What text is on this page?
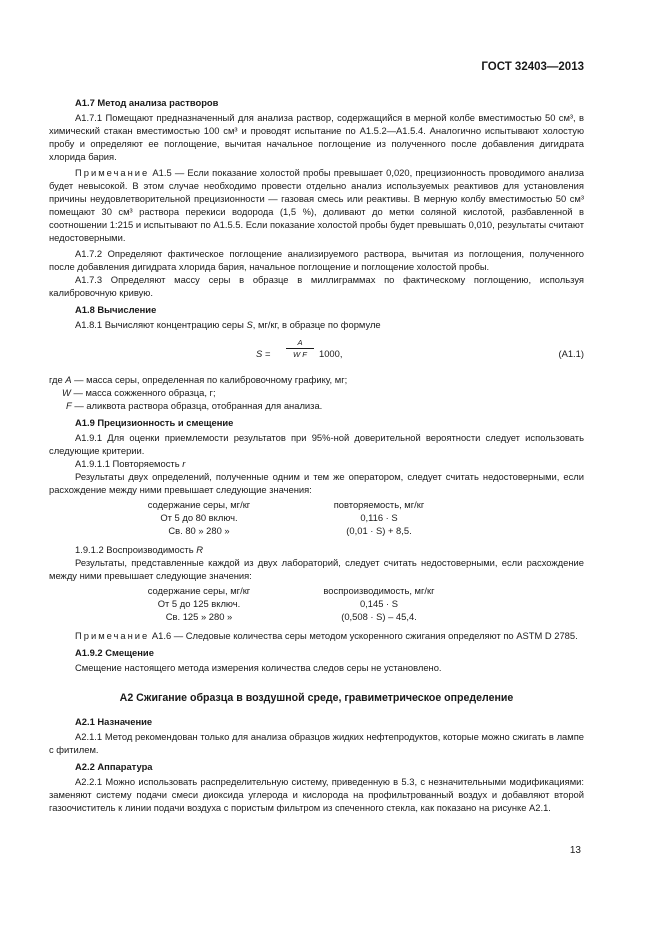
ГОСТ 32403—2013
А1.7 Метод анализа растворов

А1.7.1 Помещают предназначенный для анализа раствор, содержащийся в мерной колбе вместимостью 50 см³, в химический стакан вместимостью 100 см³ и проводят испытание по А1.5.2—А1.5.4. Аналогично испытывают холостую пробу и определяют ее поглощение, вычитая начальное поглощение из полученного после добавления дигидрата хлорида бария.

Примечание А1.5 — Если показание холостой пробы превышает 0,020, прецизионность проводимого анализа будет невысокой. В этом случае необходимо провести отдельно анализ используемых реактивов для установления причины неудовлетворительной прецизионности — газовая смесь или реактивы. В мерную колбу вместимостью 50 см³ помещают 30 см³ раствора перекиси водорода (1,5 %), доливают до метки соляной кислотой, разбавленной в соотношении 1:215 и испытывают по А1.5.5. Если показание холостой пробы будет превышать 0,010, результаты считают недостоверными.

А1.7.2 Определяют фактическое поглощение анализируемого раствора, вычитая из поглощения, полученного после добавления дигидрата хлорида бария, начальное поглощение и поглощение холостой пробы.

А1.7.3 Определяют массу серы в образце в миллиграммах по фактическому поглощению, используя калибровочную кривую.

А1.8 Вычисление

А1.8.1 Вычисляют концентрацию серы S, мг/кг, в образце по формуле

S =
A
W F	1000,	(А1.1)

где A — масса серы, определенная по калибровочному графику, мг;

W — масса сожженного образца, г;

F — аликвота раствора образца, отобранная для анализа.

А1.9 Прецизионность и смещение

А1.9.1 Для оценки приемлемости результатов при 95%-ной доверительной вероятности следует использовать следующие критерии.

А1.9.1.1 Повторяемость r

Результаты двух определений, полученные одним и тем же оператором, следует считать недостоверными, если расхождение между ними превышает следующие значения:

содержание серы, мг/кг	повторяемость, мг/кг
От 5 до 80 включ.	0,116 · S
Св. 80 » 280 »	(0,01 · S) + 8,5.

1.9.1.2 Воспроизводимость R

Результаты, представленные каждой из двух лабораторий, следует считать недостоверными, если расхождение между ними превышает следующие значения:

содержание серы, мг/кг	воспроизводимость, мг/кг
От 5 до 125 включ.	0,145 · S
Св. 125 » 280 »	(0,508 · S) – 45,4.

Примечание А1.6 — Следовые количества серы методом ускоренного сжигания определяют по ASTM D 2785.

А1.9.2 Смещение

Смещение настоящего метода измерения количества следов серы не установлено.

А2 Сжигание образца в воздушной среде, гравиметрическое определение
А2.1 Назначение

А2.1.1 Метод рекомендован только для анализа образцов жидких нефтепродуктов, которые можно сжигать в лампе с фитилем.

А2.2 Аппаратура

А2.2.1 Можно использовать распределительную систему, приведенную в 5.3, с незначительными модификациями: заменяют систему подачи смеси диоксида углерода и кислорода на профильтрованный воздух и добавляют второй газоочиститель к линии подачи воздуха с пористым фильтром из спеченного стекла, как показано на рисунке А2.1.

13
